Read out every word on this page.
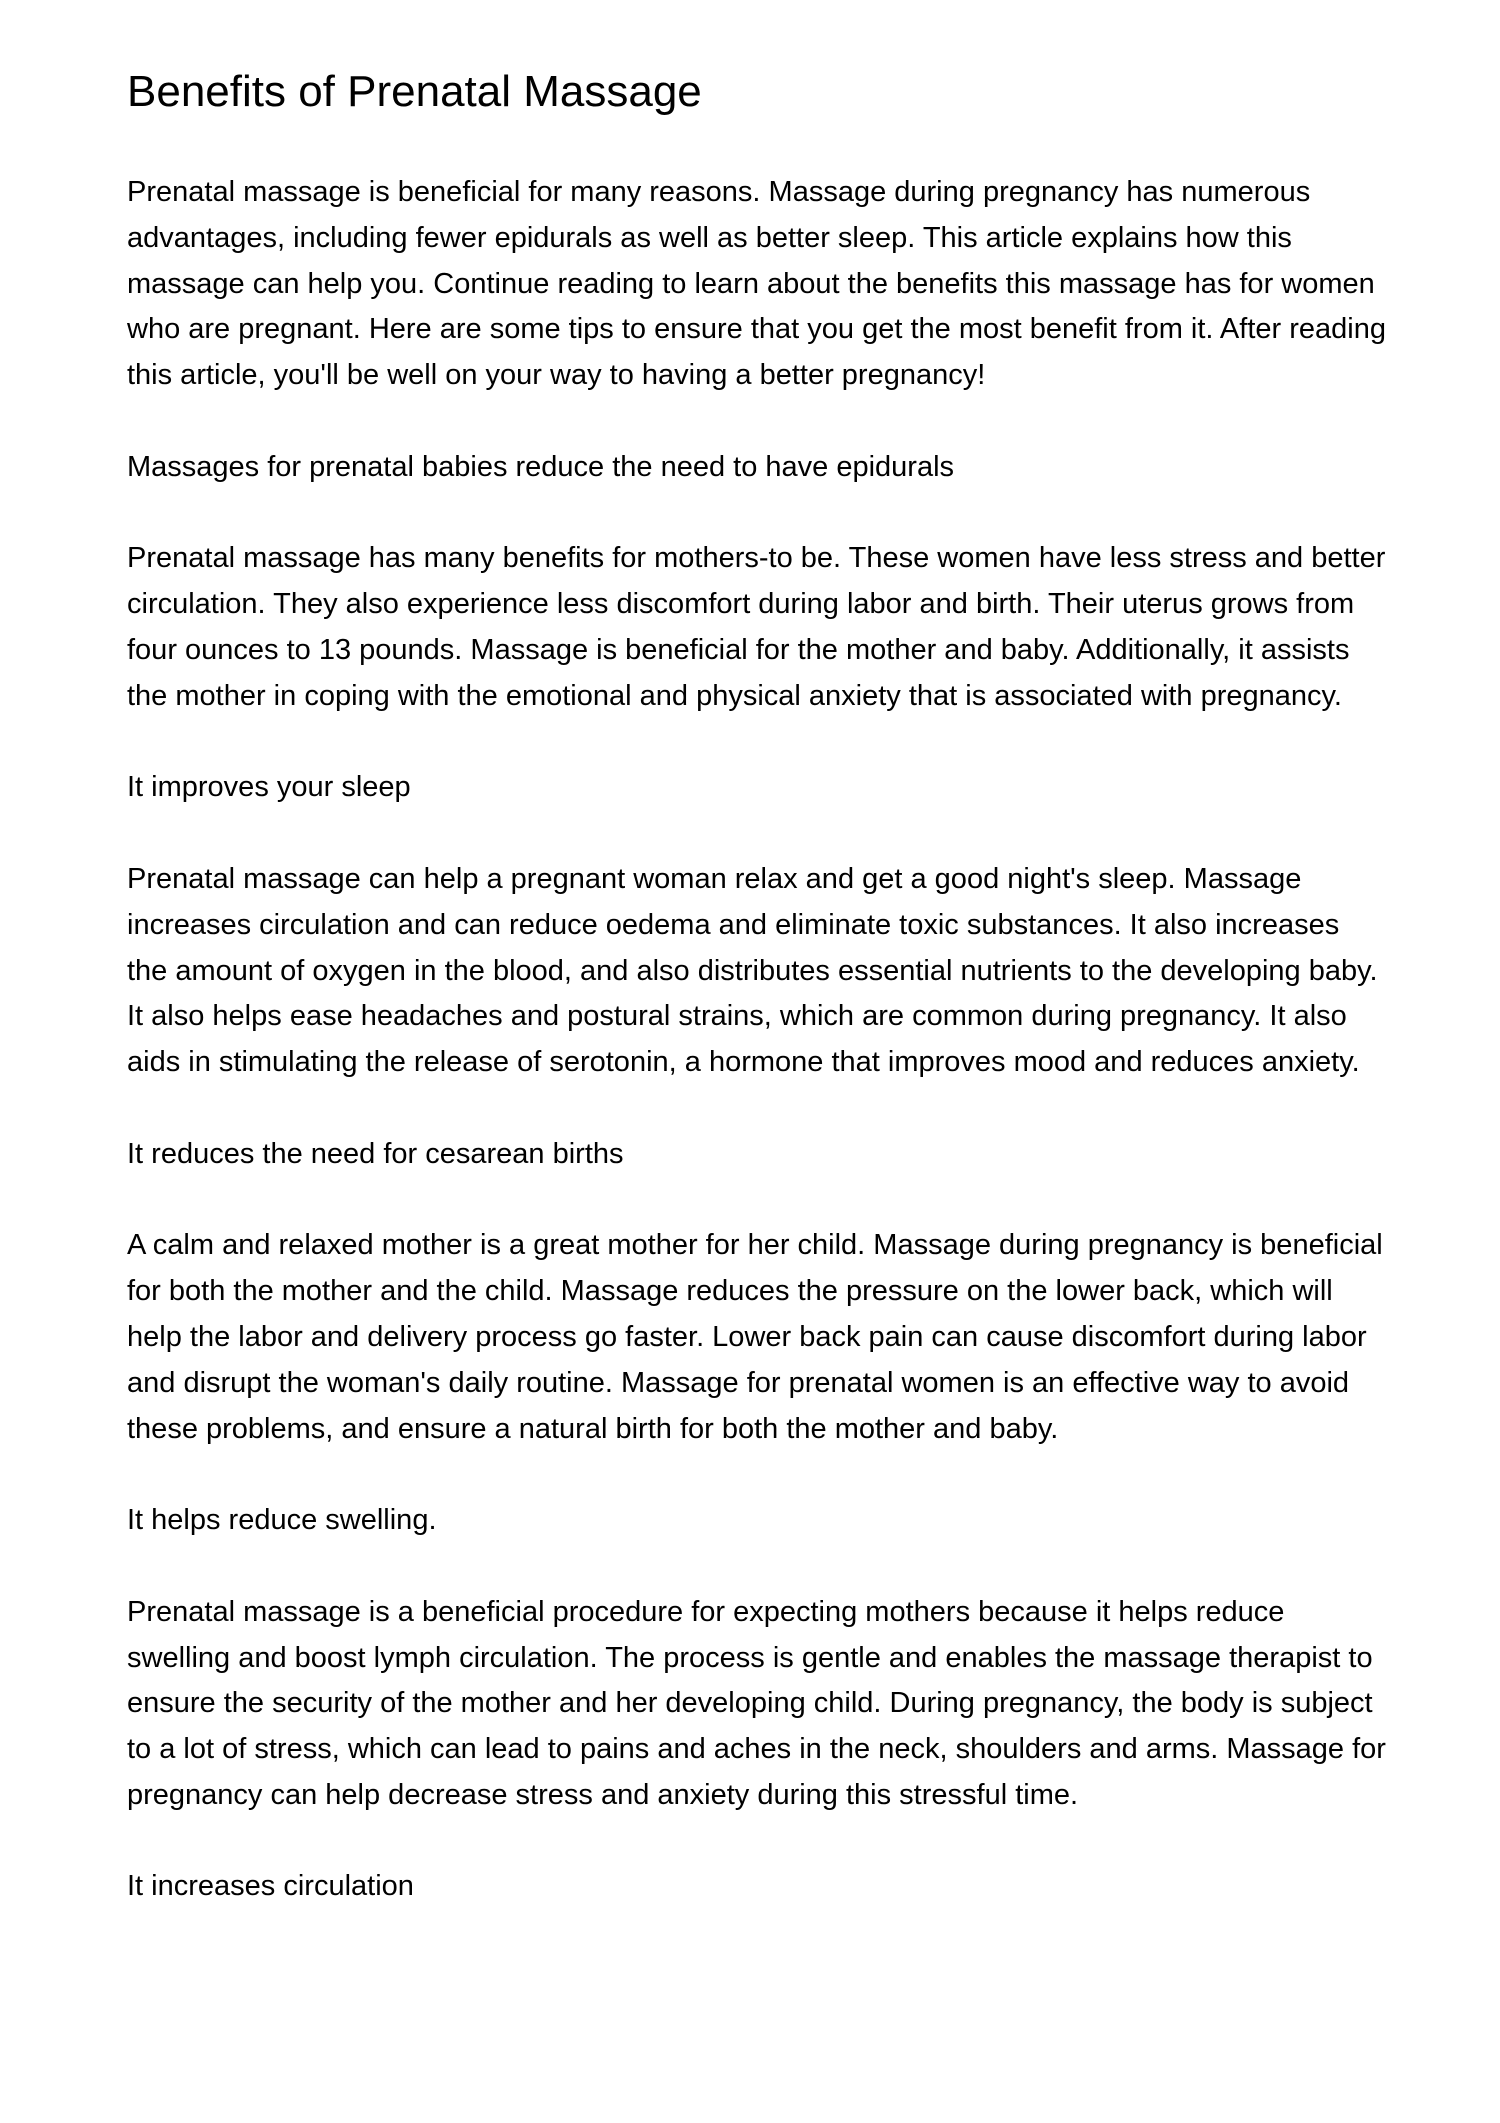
Benefits of Prenatal Massage

Prenatal massage is beneficial for many reasons. Massage during pregnancy has numerous advantages, including fewer epidurals as well as better sleep. This article explains how this massage can help you. Continue reading to learn about the benefits this massage has for women who are pregnant. Here are some tips to ensure that you get the most benefit from it. After reading this article, you'll be well on your way to having a better pregnancy!

Massages for prenatal babies reduce the need to have epidurals

Prenatal massage has many benefits for mothers-to be. These women have less stress and better circulation. They also experience less discomfort during labor and birth. Their uterus grows from four ounces to 13 pounds. Massage is beneficial for the mother and baby. Additionally, it assists the mother in coping with the emotional and physical anxiety that is associated with pregnancy.

It improves your sleep

Prenatal massage can help a pregnant woman relax and get a good night's sleep. Massage increases circulation and can reduce oedema and eliminate toxic substances. It also increases the amount of oxygen in the blood, and also distributes essential nutrients to the developing baby. It also helps ease headaches and postural strains, which are common during pregnancy. It also aids in stimulating the release of serotonin, a hormone that improves mood and reduces anxiety.

It reduces the need for cesarean births

A calm and relaxed mother is a great mother for her child. Massage during pregnancy is beneficial for both the mother and the child. Massage reduces the pressure on the lower back, which will help the labor and delivery process go faster. Lower back pain can cause discomfort during labor and disrupt the woman's daily routine. Massage for prenatal women is an effective way to avoid these problems, and ensure a natural birth for both the mother and baby.

It helps reduce swelling.

Prenatal massage is a beneficial procedure for expecting mothers because it helps reduce swelling and boost lymph circulation. The process is gentle and enables the massage therapist to ensure the security of the mother and her developing child. During pregnancy, the body is subject to a lot of stress, which can lead to pains and aches in the neck, shoulders and arms. Massage for pregnancy can help decrease stress and anxiety during this stressful time.

It increases circulation
